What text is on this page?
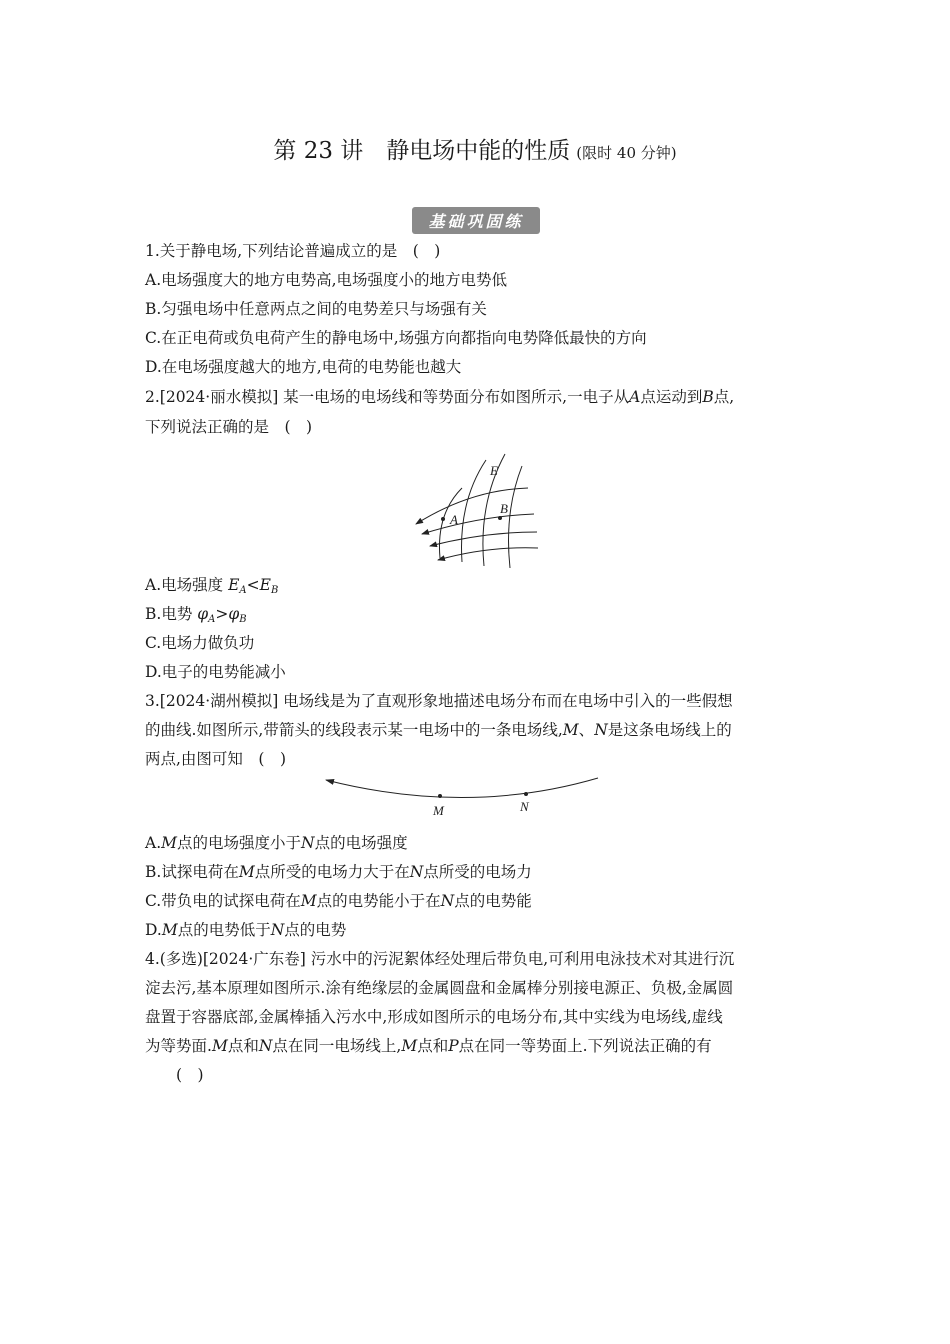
第 23 讲　静电场中能的性质 (限时 40 分钟)
基础巩固练
1.关于静电场,下列结论普遍成立的是　(　)
A.电场强度大的地方电势高,电场强度小的地方电势低
B.匀强电场中任意两点之间的电势差只与场强有关
C.在正电荷或负电荷产生的静电场中,场强方向都指向电势降低最快的方向
D.在电场强度越大的地方,电荷的电势能也越大
2.[2024·丽水模拟] 某一电场的电场线和等势面分布如图所示,一电子从A点运动到B点,
下列说法正确的是　(　)
E
A
B
A.电场强度 $E_A<E_B$
B.电势 $\varphi_A>\varphi_B$
C.电场力做负功
D.电子的电势能减小
3.[2024·湖州模拟] 电场线是为了直观形象地描述电场分布而在电场中引入的一些假想
的曲线.如图所示,带箭头的线段表示某一电场中的一条电场线,M、N是这条电场线上的
两点,由图可知　(　)
M	N
A.M点的电场强度小于N点的电场强度
B.试探电荷在M点所受的电场力大于在N点所受的电场力
C.带负电的试探电荷在M点的电势能小于在N点的电势能
D.M点的电势低于N点的电势
4.(多选)[2024·广东卷] 污水中的污泥絮体经处理后带负电,可利用电泳技术对其进行沉
淀去污,基本原理如图所示.涂有绝缘层的金属圆盘和金属棒分别接电源正、负极,金属圆
盘置于容器底部,金属棒插入污水中,形成如图所示的电场分布,其中实线为电场线,虚线
为等势面.M点和N点在同一电场线上,M点和P点在同一等势面上.下列说法正确的有
(　)
